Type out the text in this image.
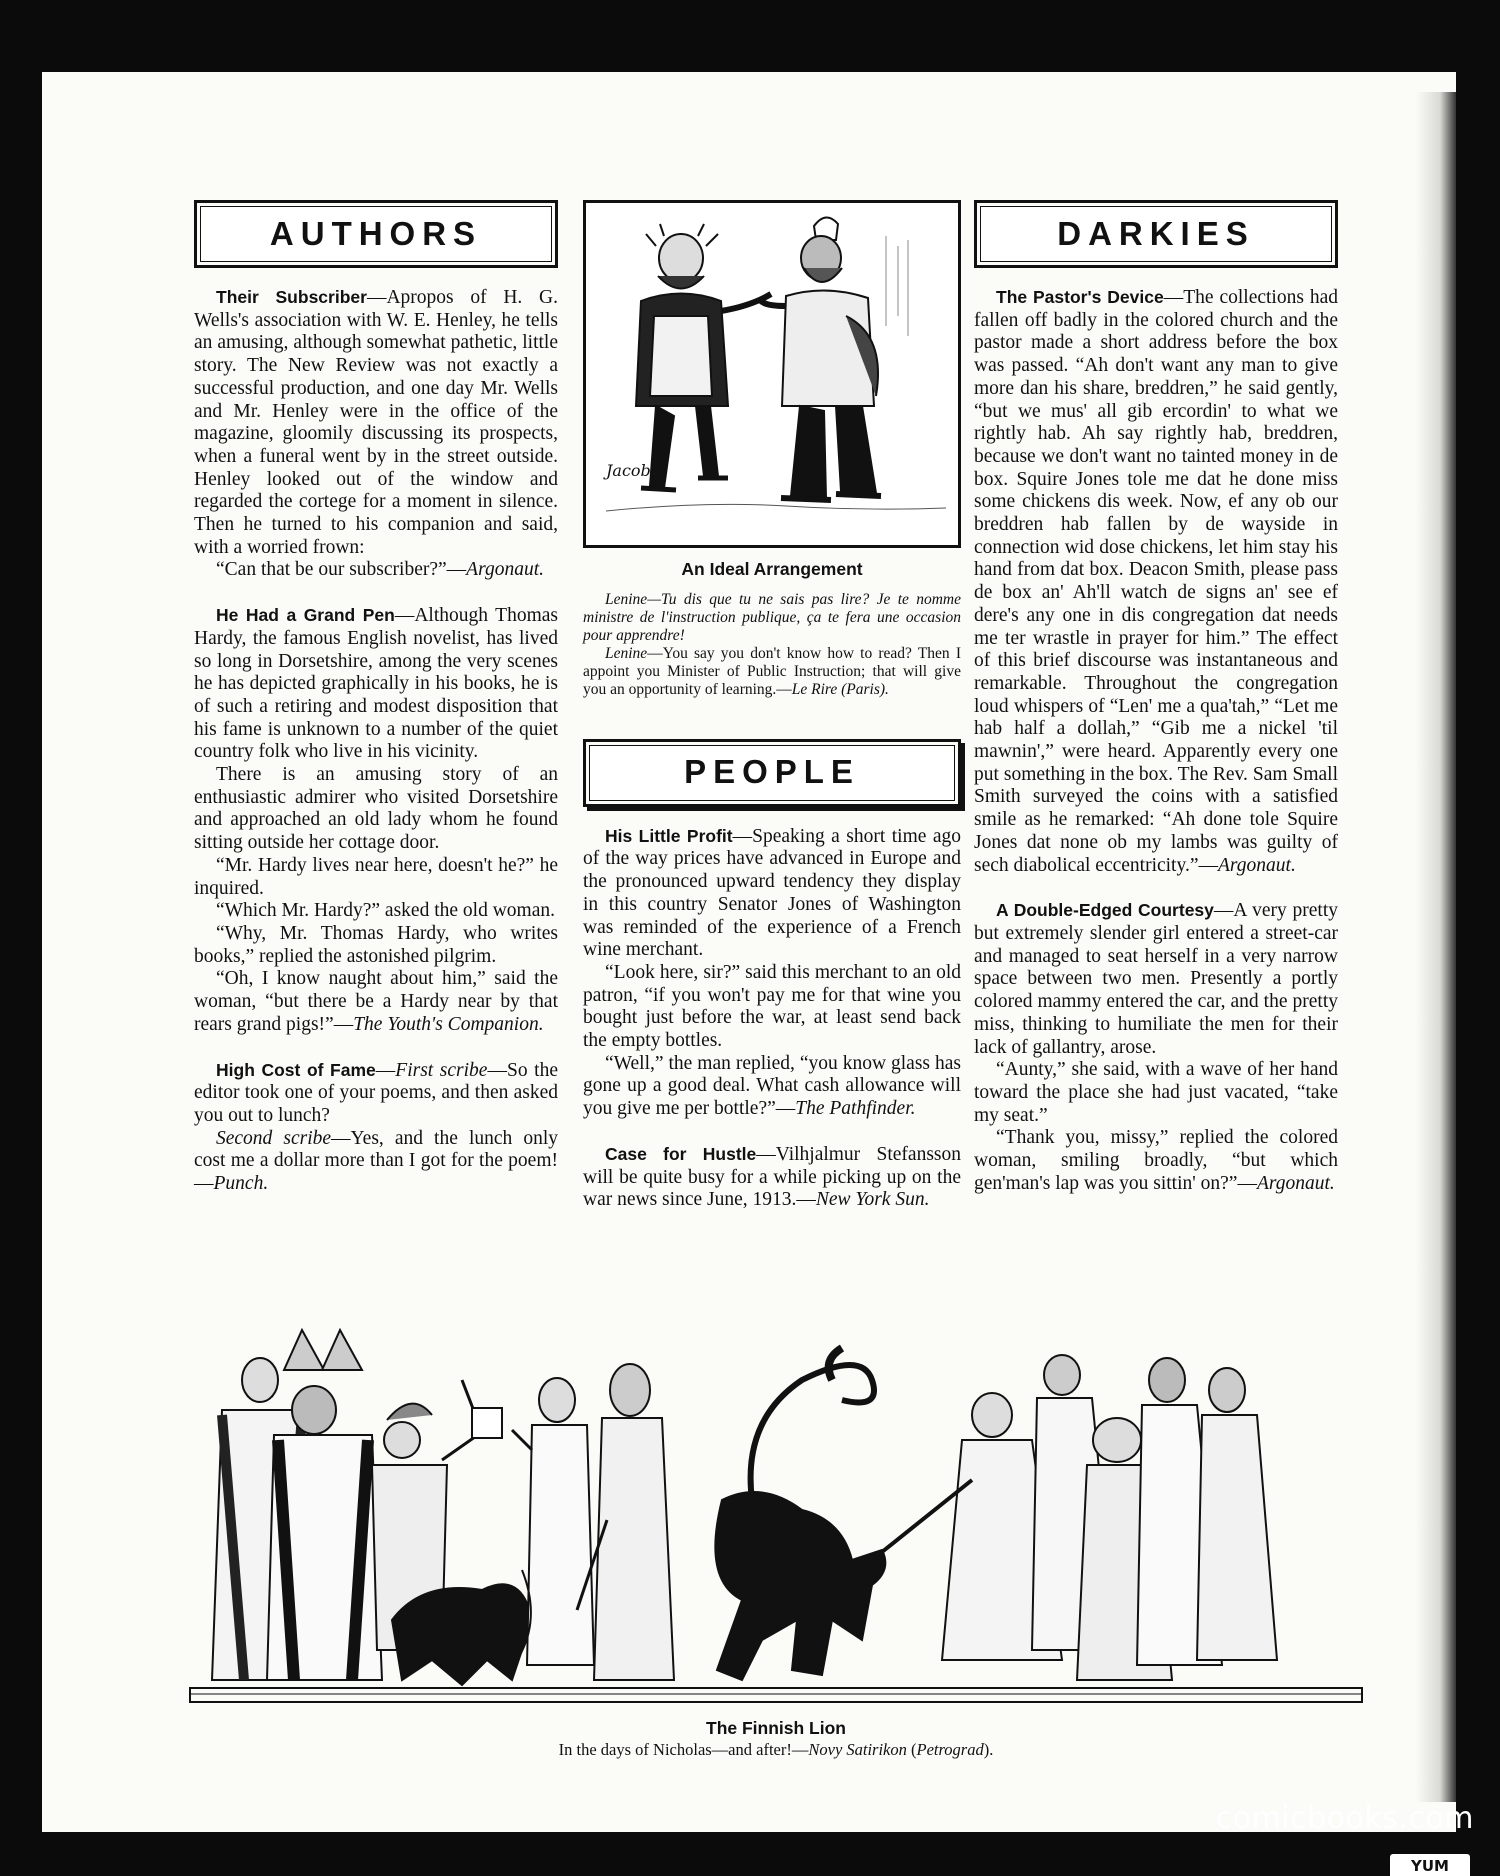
AUTHORS

Their Subscriber—Apropos of H. G. Wells's association with W. E. Henley, he tells an amusing, although somewhat pathetic, little story. The New Review was not exactly a successful production, and one day Mr. Wells and Mr. Henley were in the office of the magazine, gloomily discussing its prospects, when a funeral went by in the street outside. Henley looked out of the window and regarded the cortege for a moment in silence. Then he turned to his companion and said, with a worried frown:

“Can that be our subscriber?”—Argonaut.

He Had a Grand Pen—Although Thomas Hardy, the famous English novelist, has lived so long in Dorsetshire, among the very scenes he has depicted graphically in his books, he is of such a retiring and modest disposition that his fame is unknown to a number of the quiet country folk who live in his vicinity.

There is an amusing story of an enthusiastic admirer who visited Dorsetshire and approached an old lady whom he found sitting outside her cottage door.

“Mr. Hardy lives near here, doesn't he?” he inquired.

“Which Mr. Hardy?” asked the old woman.

“Why, Mr. Thomas Hardy, who writes books,” replied the astonished pilgrim.

“Oh, I know naught about him,” said the woman, “but there be a Hardy near by that rears grand pigs!”—The Youth's Companion.

High Cost of Fame—First scribe—So the editor took one of your poems, and then asked you out to lunch?

Second scribe—Yes, and the lunch only cost me a dollar more than I got for the poem!—Punch.

Jacob
An Ideal Arrangement

Lenine—Tu dis que tu ne sais pas lire? Je te nomme ministre de l'instruction publique, ça te fera une occasion pour apprendre!

Lenine—You say you don't know how to read? Then I appoint you Minister of Public Instruction; that will give you an opportunity of learning.—Le Rire (Paris).

PEOPLE

His Little Profit—Speaking a short time ago of the way prices have advanced in Europe and the pronounced upward tendency they display in this country Senator Jones of Washington was reminded of the experience of a French wine merchant.

“Look here, sir?” said this merchant to an old patron, “if you won't pay me for that wine you bought just before the war, at least send back the empty bottles.

“Well,” the man replied, “you know glass has gone up a good deal. What cash allowance will you give me per bottle?”—The Pathfinder.

Case for Hustle—Vilhjalmur Stefansson will be quite busy for a while picking up on the war news since June, 1913.—New York Sun.

DARKIES

The Pastor's Device—The collections had fallen off badly in the colored church and the pastor made a short address before the box was passed. “Ah don't want any man to give more dan his share, breddren,” he said gently, “but we mus' all gib ercordin' to what we rightly hab. Ah say rightly hab, breddren, because we don't want no tainted money in de box. Squire Jones tole me dat he done miss some chickens dis week. Now, ef any ob our breddren hab fallen by de wayside in connection wid dose chickens, let him stay his hand from dat box. Deacon Smith, please pass de box an' Ah'll watch de signs an' see ef dere's any one in dis congregation dat needs me ter wrastle in prayer for him.” The effect of this brief discourse was instantaneous and remarkable. Throughout the congregation loud whispers of “Len' me a qua'tah,” “Let me hab half a dollah,” “Gib me a nickel 'til mawnin',” were heard. Apparently every one put something in the box. The Rev. Sam Small Smith surveyed the coins with a satisfied smile as he remarked: “Ah done tole Squire Jones dat none ob my lambs was guilty of sech diabolical eccentricity.”—Argonaut.

A Double-Edged Courtesy—A very pretty but extremely slender girl entered a street-car and managed to seat herself in a very narrow space between two men. Presently a portly colored mammy entered the car, and the pretty miss, thinking to humiliate the men for their lack of gallantry, arose.

“Aunty,” she said, with a wave of her hand toward the place she had just vacated, “take my seat.”

“Thank you, missy,” replied the colored woman, smiling broadly, “but which gen'man's lap was you sittin' on?”—Argonaut.

The Finnish Lion
In the days of Nicholas—and after!—Novy Satirikon (Petrograd).
comicbooks.com
YUM
